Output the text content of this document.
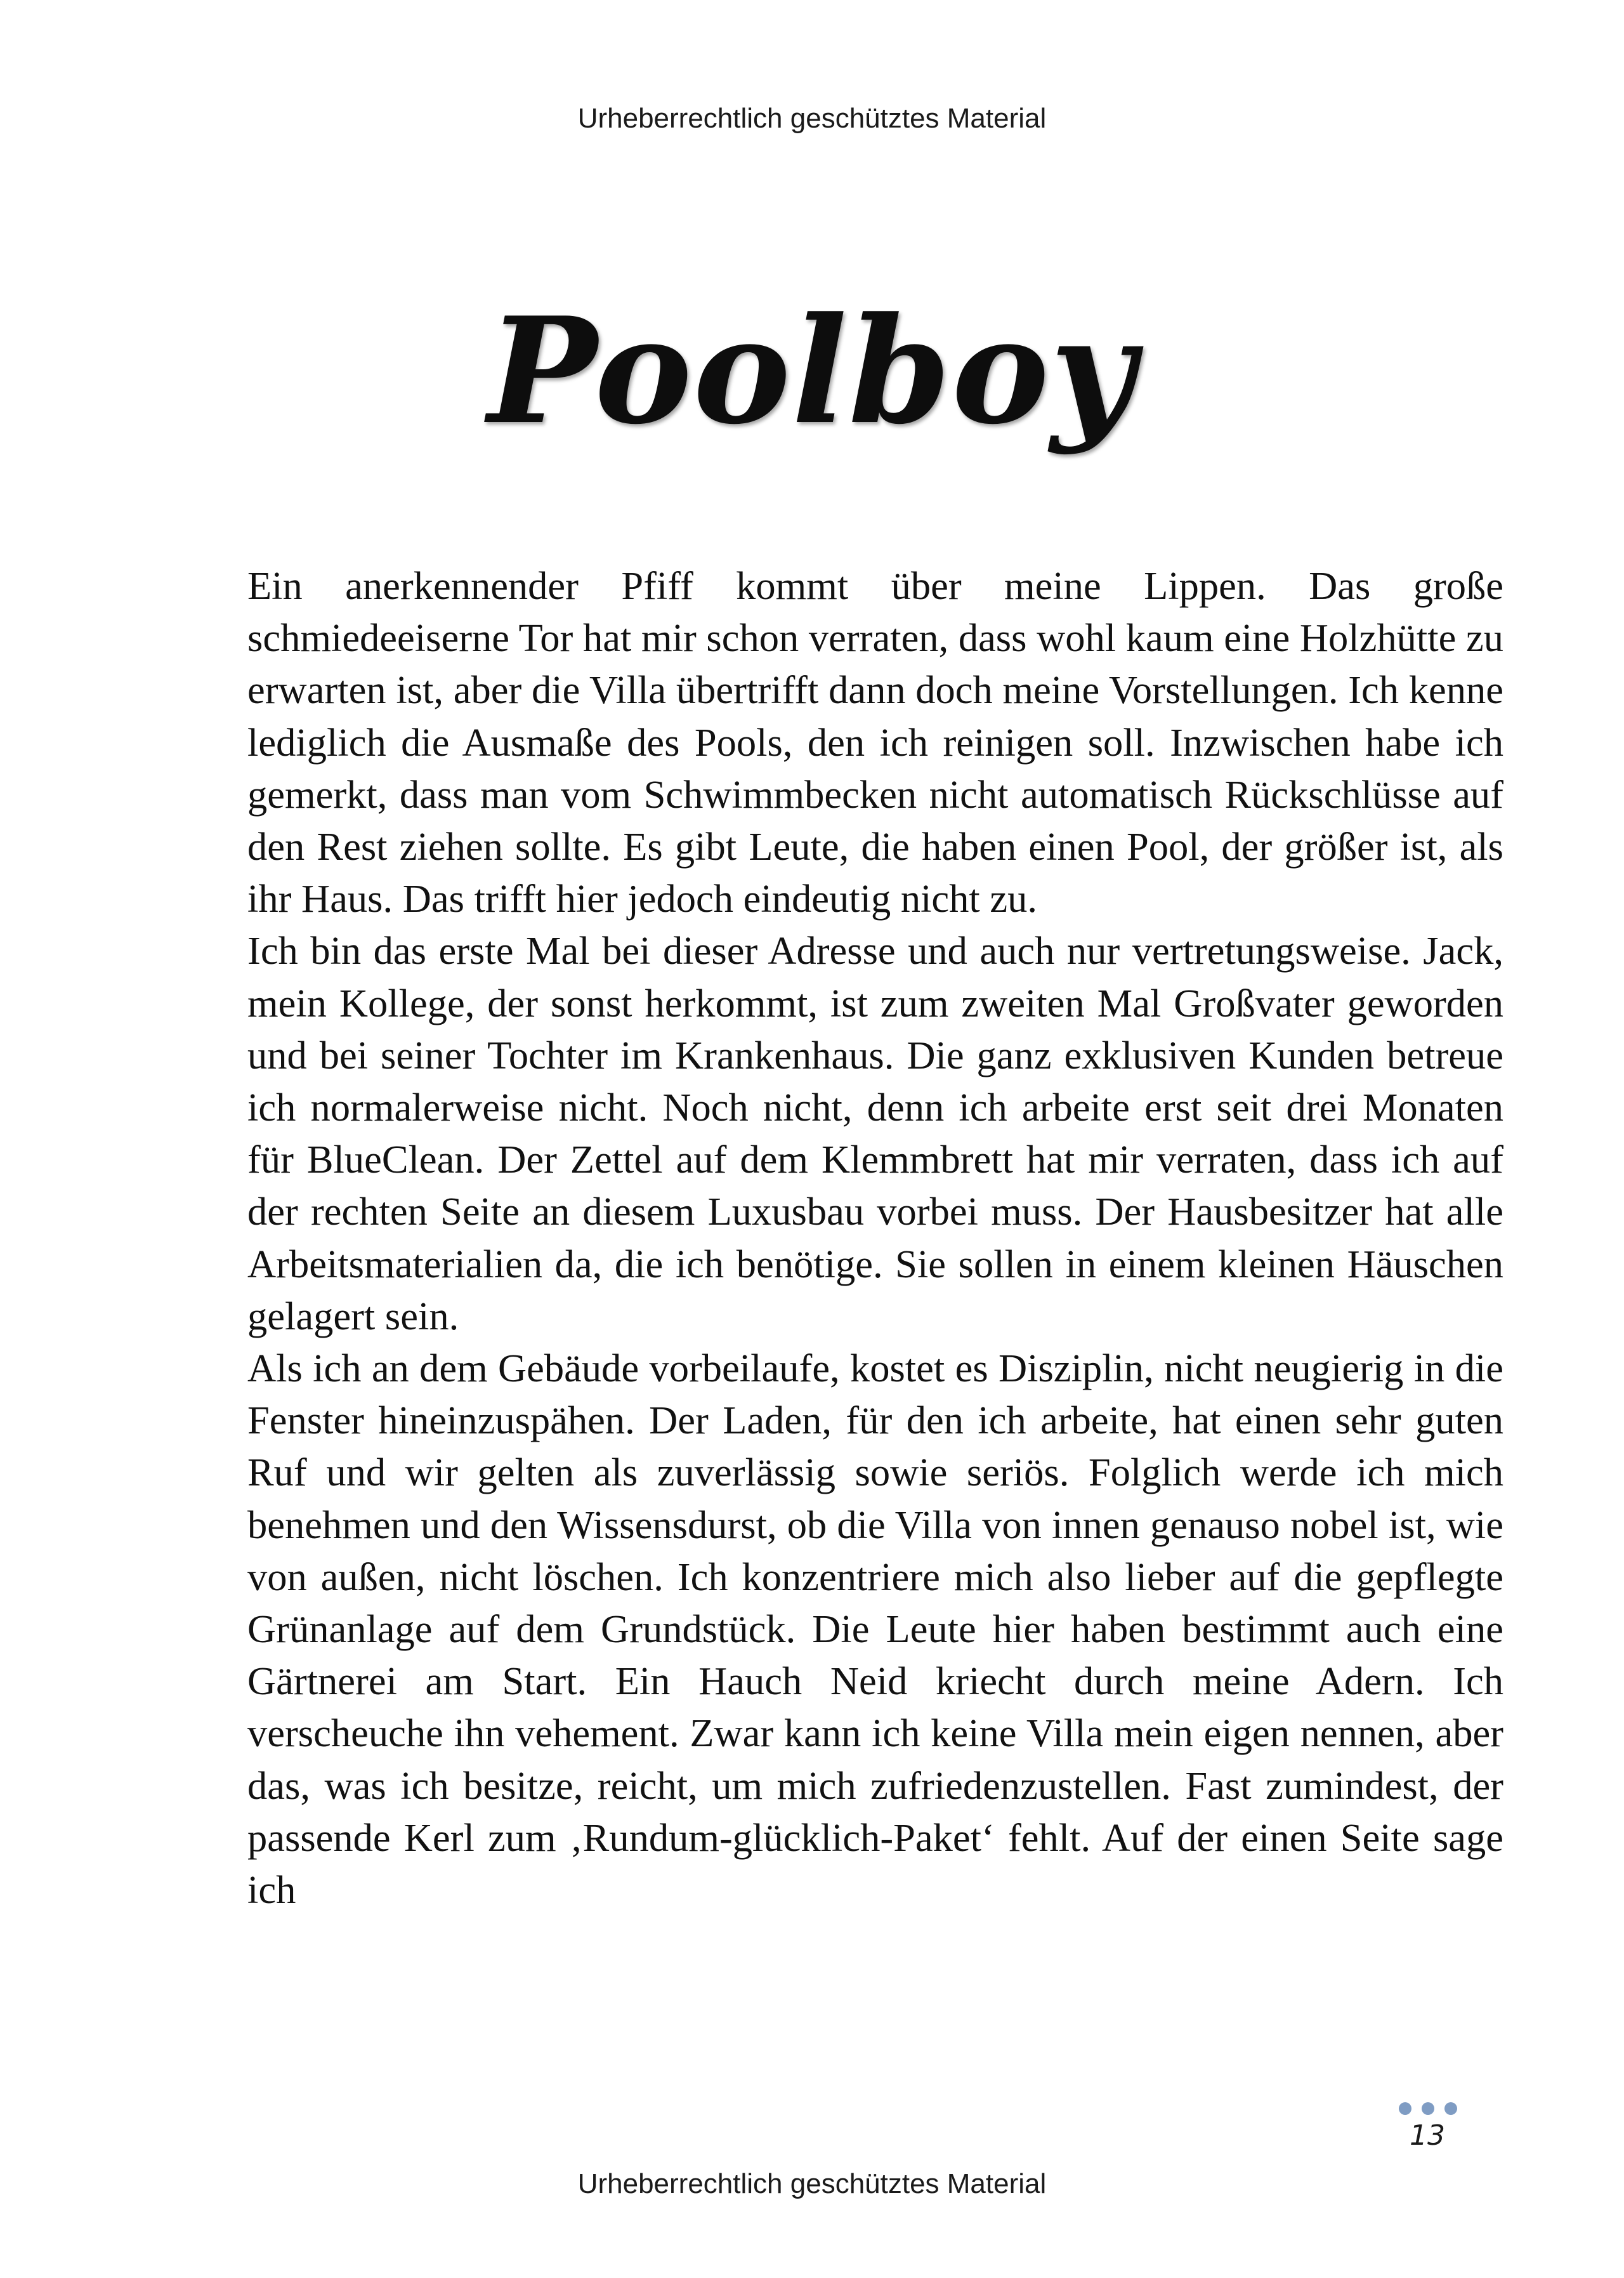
Urheberrechtlich geschütztes Material
Poolboy

Ein anerkennender Pfiff kommt über meine Lippen. Das große schmiedeeiserne Tor hat mir schon verraten, dass wohl kaum eine Holzhütte zu erwarten ist, aber die Villa übertrifft dann doch meine Vorstellungen. Ich kenne lediglich die Ausmaße des Pools, den ich reinigen soll. Inzwischen habe ich gemerkt, dass man vom Schwimmbecken nicht automatisch Rückschlüsse auf den Rest ziehen sollte. Es gibt Leute, die haben einen Pool, der größer ist, als ihr Haus. Das trifft hier jedoch eindeutig nicht zu.

Ich bin das erste Mal bei dieser Adresse und auch nur vertretungsweise. Jack, mein Kollege, der sonst herkommt, ist zum zweiten Mal Großvater geworden und bei seiner Tochter im Krankenhaus. Die ganz exklusiven Kunden betreue ich normalerweise nicht. Noch nicht, denn ich arbeite erst seit drei Monaten für BlueClean. Der Zettel auf dem Klemmbrett hat mir verraten, dass ich auf der rechten Seite an diesem Luxusbau vorbei muss. Der Hausbesitzer hat alle Arbeitsmaterialien da, die ich benötige. Sie sollen in einem kleinen Häuschen gelagert sein.

Als ich an dem Gebäude vorbeilaufe, kostet es Disziplin, nicht neugierig in die Fenster hineinzuspähen. Der Laden, für den ich arbeite, hat einen sehr guten Ruf und wir gelten als zuverlässig sowie seriös. Folglich werde ich mich benehmen und den Wissensdurst, ob die Villa von innen genauso nobel ist, wie von außen, nicht löschen. Ich konzentriere mich also lieber auf die gepflegte Grünanlage auf dem Grundstück. Die Leute hier haben bestimmt auch eine Gärtnerei am Start. Ein Hauch Neid kriecht durch meine Adern. Ich verscheuche ihn vehement. Zwar kann ich keine Villa mein eigen nennen, aber das, was ich besitze, reicht, um mich zufriedenzustellen. Fast zumindest, der passende Kerl zum ‚Rundum-glücklich-Paket‘ fehlt. Auf der einen Seite sage ich

13
Urheberrechtlich geschütztes Material
